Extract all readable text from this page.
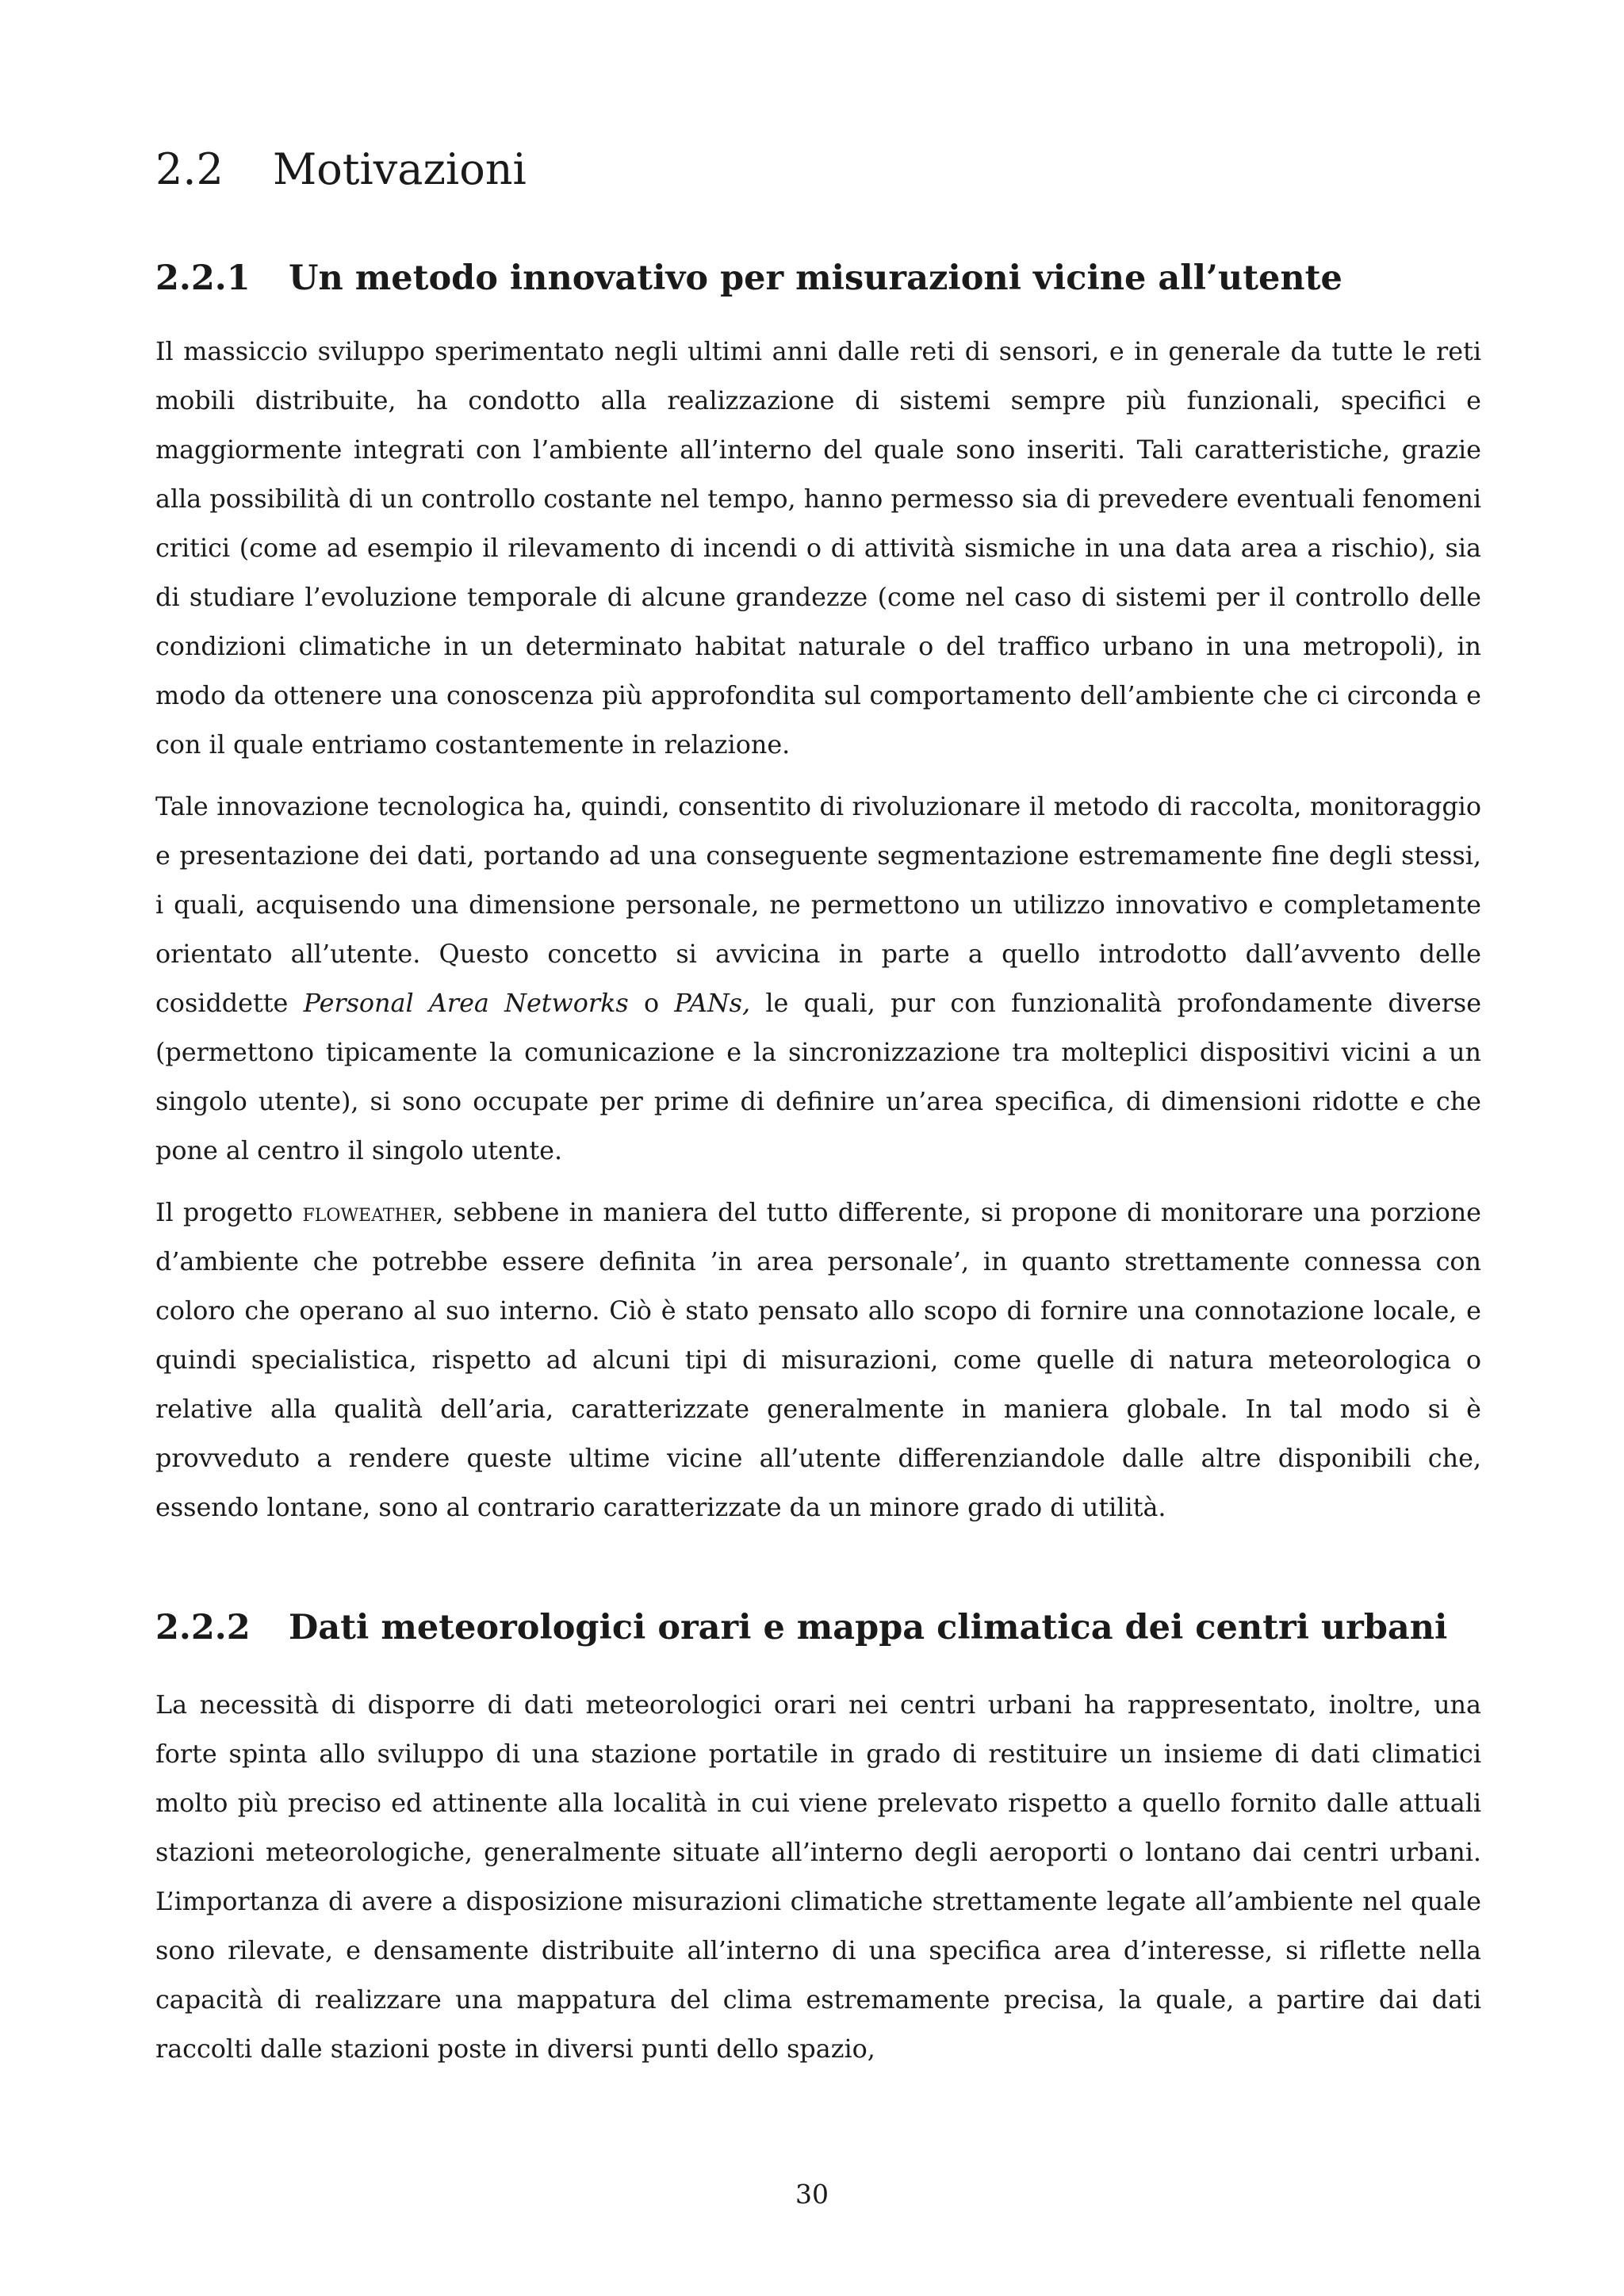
2.2 Motivazioni
2.2.1 Un metodo innovativo per misurazioni vicine all’utente

Il massiccio sviluppo sperimentato negli ultimi anni dalle reti di sensori, e in generale da tutte le reti mobili distribuite, ha condotto alla realizzazione di sistemi sempre più funzionali, specifici e maggiormente integrati con l’ambiente all’interno del quale sono inseriti. Tali caratteristiche, grazie alla possibilità di un controllo costante nel tempo, hanno permesso sia di prevedere eventuali fenomeni critici (come ad esempio il rilevamento di incendi o di attività sismiche in una data area a rischio), sia di studiare l’evoluzione temporale di alcune grandezze (come nel caso di sistemi per il controllo delle condizioni climatiche in un determinato habitat naturale o del traffico urbano in una metropoli), in modo da ottenere una conoscenza più approfondita sul comportamento dell’ambiente che ci circonda e con il quale entriamo costantemente in relazione.

Tale innovazione tecnologica ha, quindi, consentito di rivoluzionare il metodo di raccolta, monitoraggio e presentazione dei dati, portando ad una conseguente segmentazione estremamente fine degli stessi, i quali, acquisendo una dimensione personale, ne permettono un utilizzo innovativo e completamente orientato all’utente. Questo concetto si avvicina in parte a quello introdotto dall’avvento delle cosiddette Personal Area Networks o PANs, le quali, pur con funzionalità profondamente diverse (permettono tipicamente la comunicazione e la sincronizzazione tra molteplici dispositivi vicini a un singolo utente), si sono occupate per prime di definire un’area specifica, di dimensioni ridotte e che pone al centro il singolo utente.

Il progetto floweather, sebbene in maniera del tutto differente, si propone di monitorare una porzione d’ambiente che potrebbe essere definita ’in area personale’, in quanto strettamente connessa con coloro che operano al suo interno. Ciò è stato pensato allo scopo di fornire una connotazione locale, e quindi specialistica, rispetto ad alcuni tipi di misurazioni, come quelle di natura meteorologica o relative alla qualità dell’aria, caratterizzate generalmente in maniera globale. In tal modo si è provveduto a rendere queste ultime vicine all’utente differenziandole dalle altre disponibili che, essendo lontane, sono al contrario caratterizzate da un minore grado di utilità.

2.2.2 Dati meteorologici orari e mappa climatica dei centri urbani

La necessità di disporre di dati meteorologici orari nei centri urbani ha rappresentato, inoltre, una forte spinta allo sviluppo di una stazione portatile in grado di restituire un insieme di dati climatici molto più preciso ed attinente alla località in cui viene prelevato rispetto a quello fornito dalle attuali stazioni meteorologiche, generalmente situate all’interno degli aeroporti o lontano dai centri urbani. L’importanza di avere a disposizione misurazioni climatiche strettamente legate all’ambiente nel quale sono rilevate, e densamente distribuite all’interno di una specifica area d’interesse, si riflette nella capacità di realizzare una mappatura del clima estremamente precisa, la quale, a partire dai dati raccolti dalle stazioni poste in diversi punti dello spazio,

30
